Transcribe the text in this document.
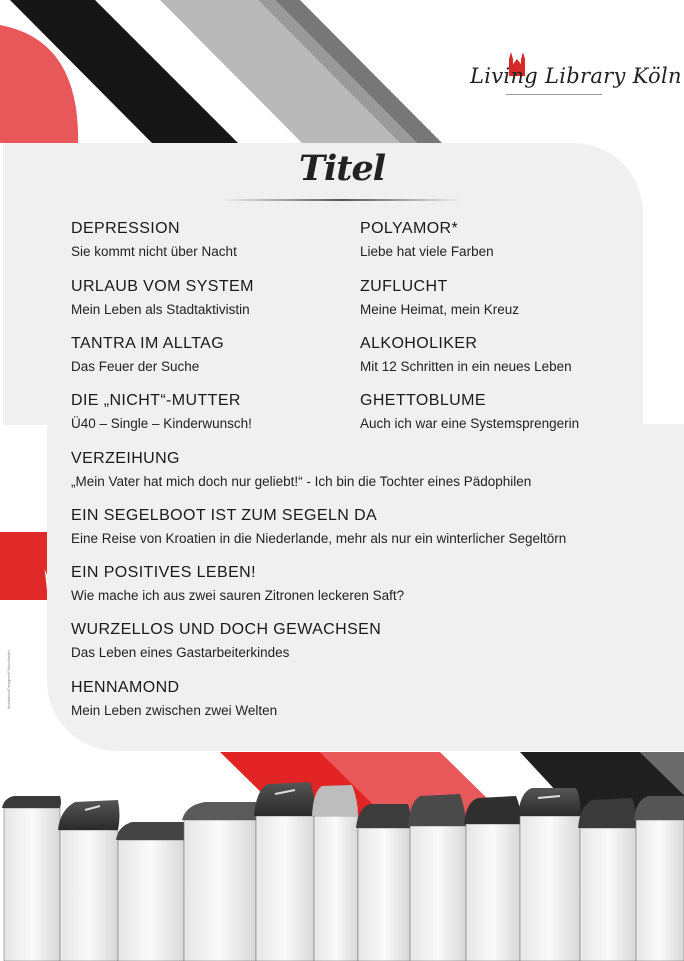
Living Library Köln
Titel
DEPRESSION
Sie kommt nicht über Nacht
URLAUB VOM SYSTEM
Mein Leben als Stadtaktivistin
TANTRA IM ALLTAG
Das Feuer der Suche
DIE „NICHT“-MUTTER
Ü40 – Single – Kinderwunsch!
POLYAMOR*
Liebe hat viele Farben
ZUFLUCHT
Meine Heimat, mein Kreuz
ALKOHOLIKER
Mit 12 Schritten in ein neues Leben
GHETTOBLUME
Auch ich war eine Systemsprengerin
VERZEIHUNG
„Mein Vater hat mich doch nur geliebt!“ - Ich bin die Tochter eines Pädophilen
EIN SEGELBOOT IST ZUM SEGELN DA
Eine Reise von Kroatien in die Niederlande, mehr als nur ein winterlicher Segeltörn
EIN POSITIVES LEBEN!
Wie mache ich aus zwei sauren Zitronen leckeren Saft?
WURZELLOS UND DOCH GEWACHSEN
Das Leben eines Gastarbeiterkindes
HENNAMOND
Mein Leben zwischen zwei Welten
Illustration/Designer/Photo/Atelier
